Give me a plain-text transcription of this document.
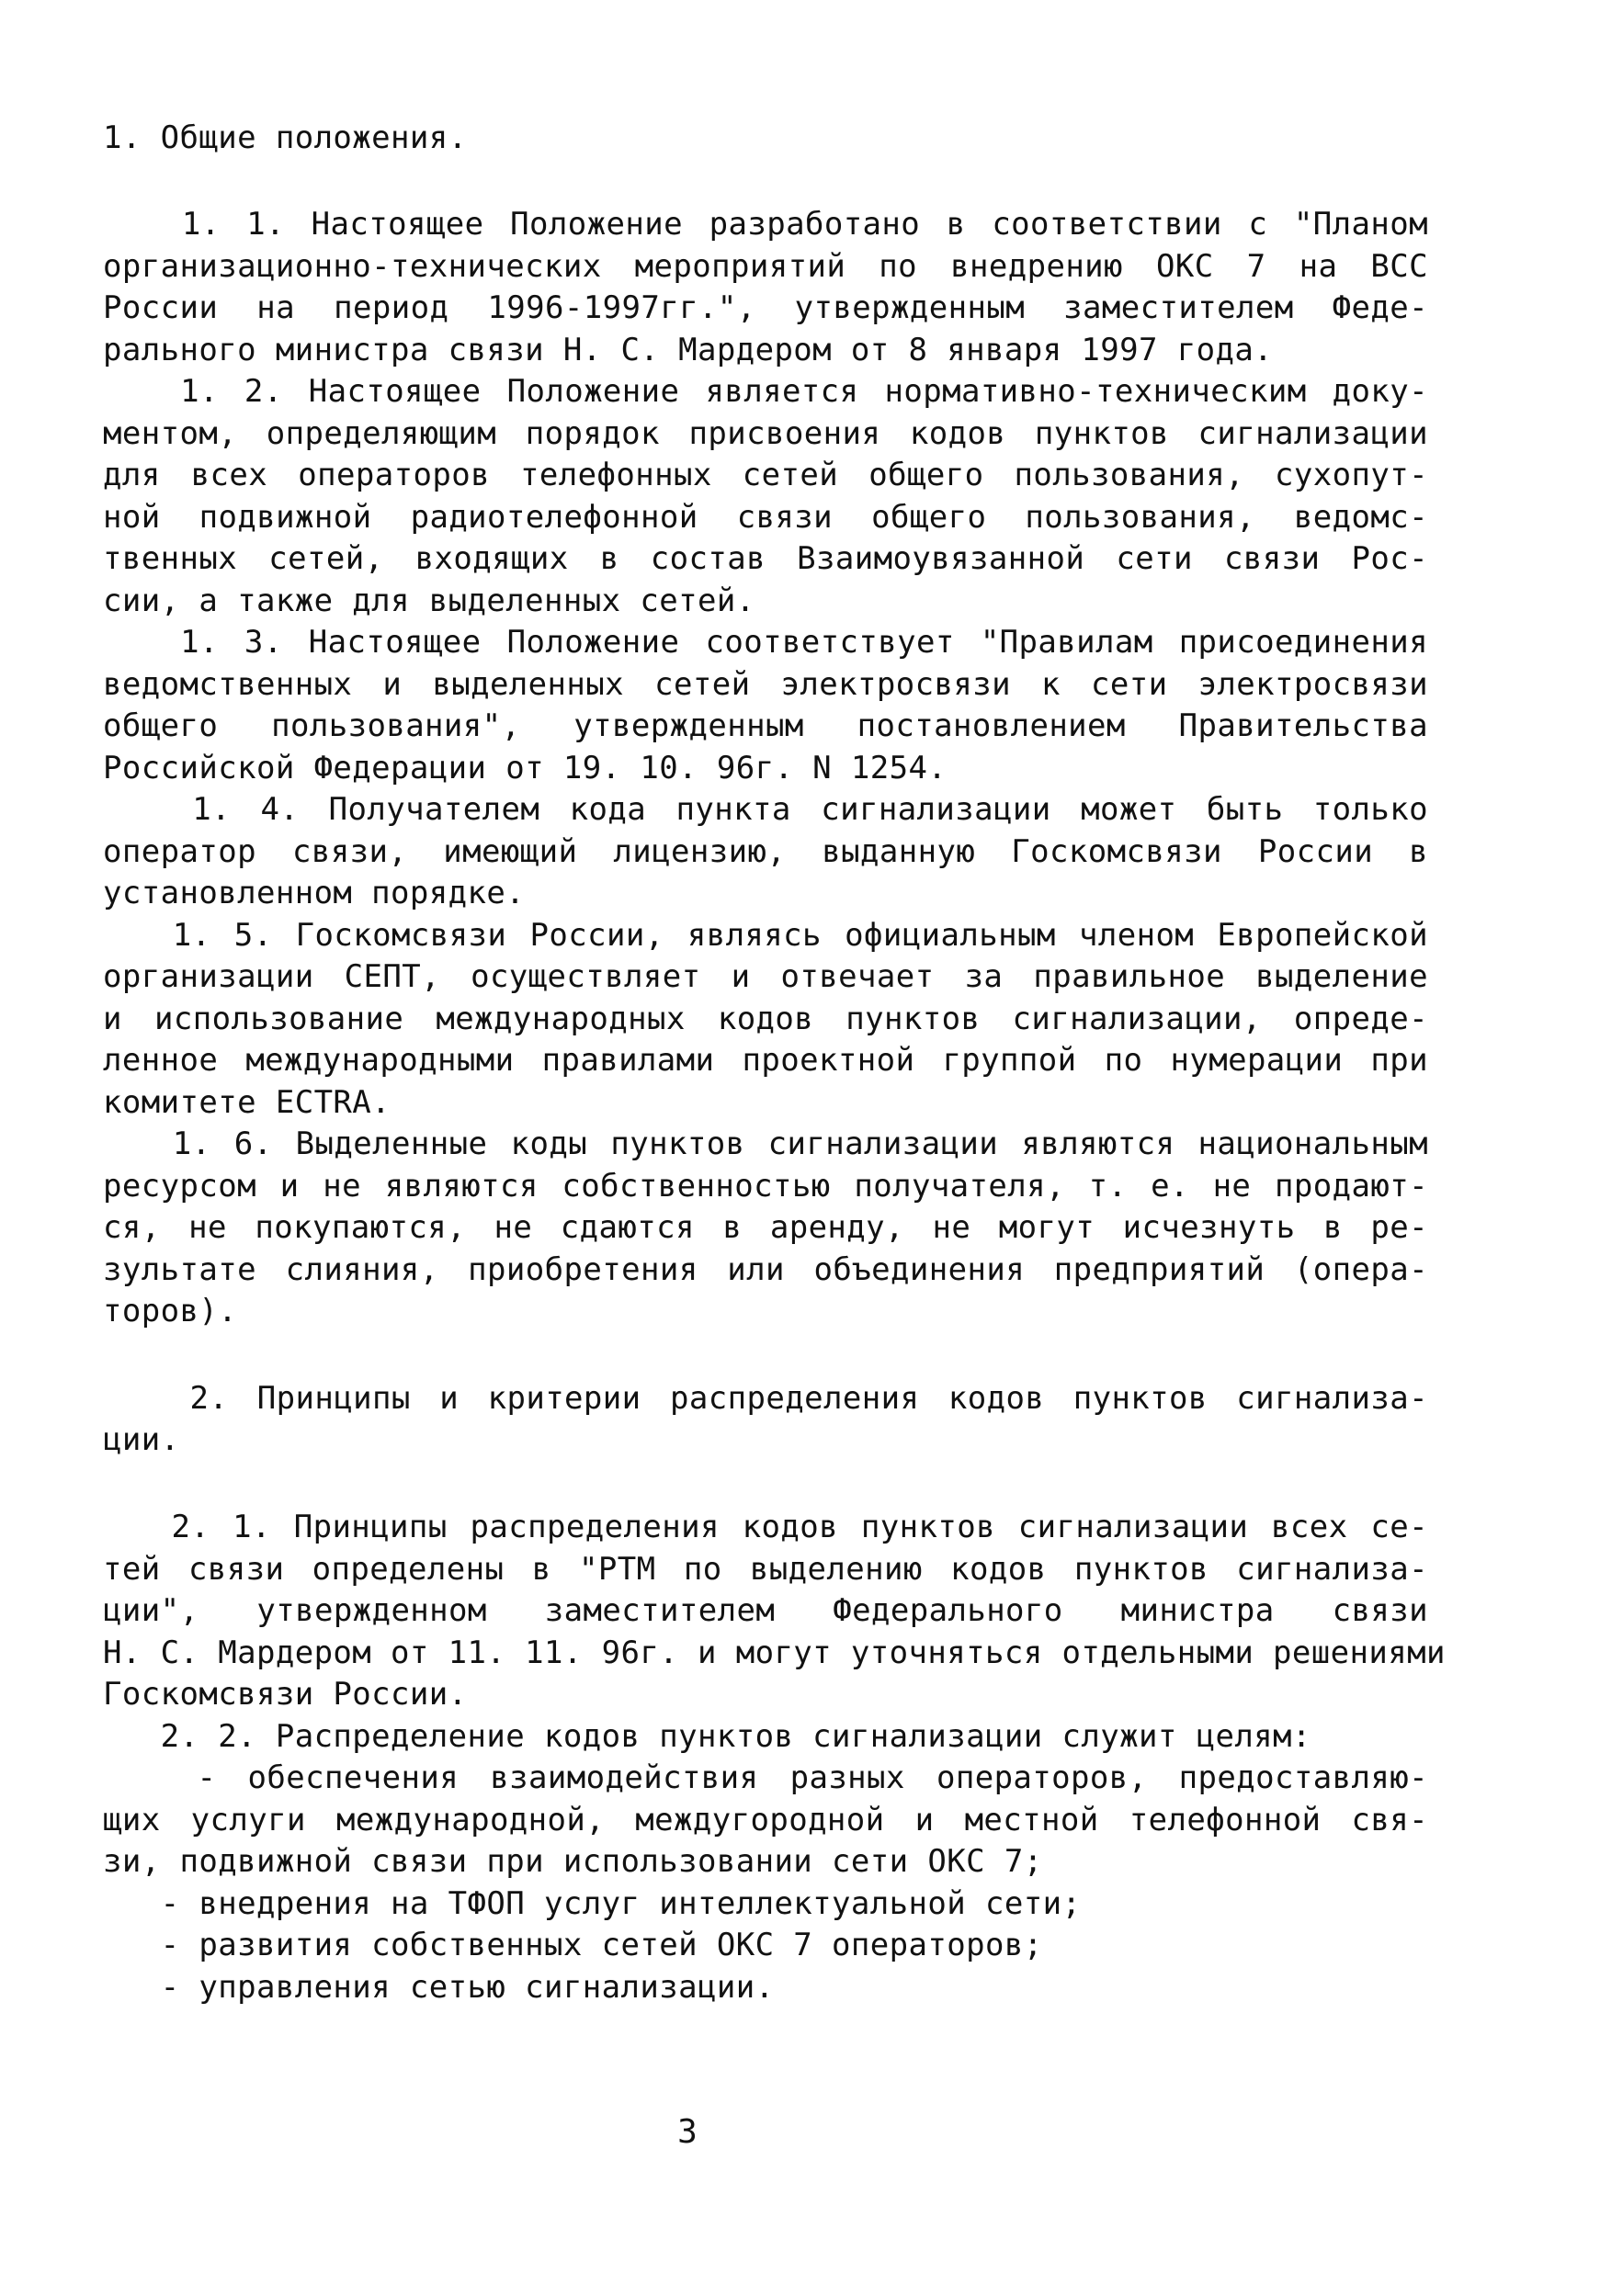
1. Общие положения.
1. 1. Настоящее Положение разработано в соответствии с "Планом
организационно-технических мероприятий по внедрению ОКС 7 на ВСС
России на период 1996-1997гг.", утвержденным заместителем Феде-
рального министра связи Н. С. Мардером от 8 января 1997 года.
1. 2. Настоящее Положение является нормативно-техническим доку-
ментом, определяющим порядок присвоения кодов пунктов сигнализации
для всех операторов телефонных сетей общего пользования, сухопут-
ной подвижной радиотелефонной связи общего пользования, ведомс-
твенных сетей, входящих в состав Взаимоувязанной сети связи Рос-
сии, а также для выделенных сетей.
1. 3. Настоящее Положение соответствует "Правилам присоединения
ведомственных и выделенных сетей электросвязи к сети электросвязи
общего пользования", утвержденным постановлением Правительства
Российской Федерации от 19. 10. 96г. N 1254.
1. 4. Получателем кода пункта сигнализации может быть только
оператор связи, имеющий лицензию, выданную Госкомсвязи России в
установленном порядке.
1. 5. Госкомсвязи России, являясь официальным членом Европейской
организации СЕПТ, осуществляет и отвечает за правильное выделение
и использование международных кодов пунктов сигнализации, опреде-
ленное международными правилами проектной группой по нумерации при
комитете ECTRA.
1. 6. Выделенные коды пунктов сигнализации являются национальным
ресурсом и не являются собственностью получателя, т. е. не продают-
ся, не покупаются, не сдаются в аренду, не могут исчезнуть в ре-
зультате слияния, приобретения или объединения предприятий (опера-
торов).
2. Принципы и критерии распределения кодов пунктов сигнализа-
ции.
2. 1. Принципы распределения кодов пунктов сигнализации всех се-
тей связи определены в "РТМ по выделению кодов пунктов сигнализа-
ции", утвержденном заместителем Федерального министра связи
Н. С. Мардером от 11. 11. 96г. и могут уточняться отдельными решениями
Госкомсвязи России.
2. 2. Распределение кодов пунктов сигнализации служит целям:
- обеспечения взаимодействия разных операторов, предоставляю-
щих услуги международной, междугородной и местной телефонной свя-
зи, подвижной связи при использовании сети ОКС 7;
- внедрения на ТФОП услуг интеллектуальной сети;
- развития собственных сетей ОКС 7 операторов;
- управления сетью сигнализации.
3
